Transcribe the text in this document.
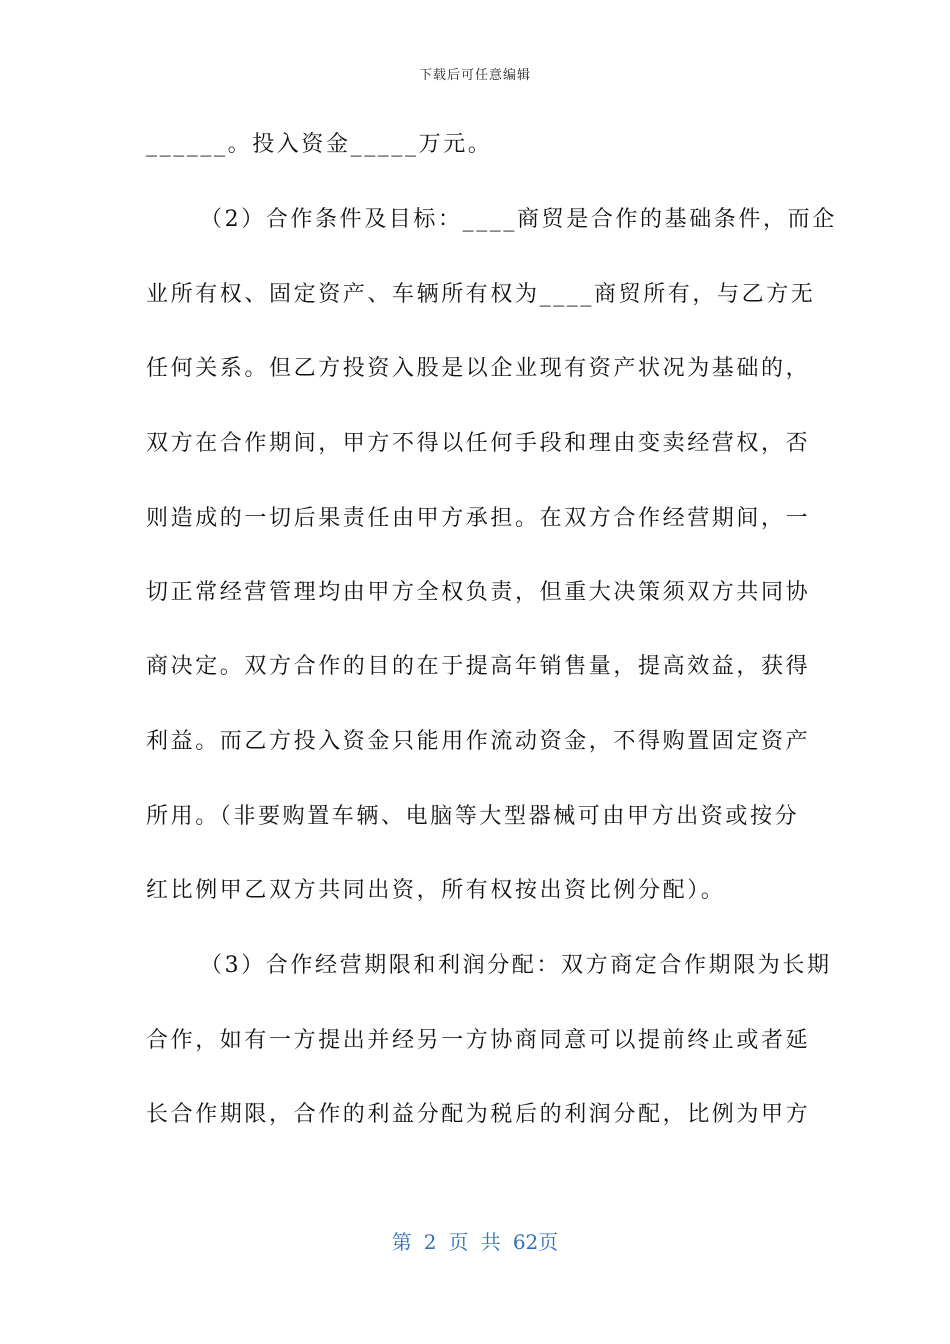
下载后可任意编辑
______。投入资金_____万元。
（2）合作条件及目标：____商贸是合作的基础条件，而企
业所有权、固定资产、车辆所有权为____商贸所有，与乙方无
任何关系。但乙方投资入股是以企业现有资产状况为基础的，
双方在合作期间，甲方不得以任何手段和理由变卖经营权，否
则造成的一切后果责任由甲方承担。在双方合作经营期间，一
切正常经营管理均由甲方全权负责，但重大决策须双方共同协
商决定。双方合作的目的在于提高年销售量，提高效益，获得
利益。而乙方投入资金只能用作流动资金，不得购置固定资产
所用。（非要购置车辆、电脑等大型器械可由甲方出资或按分
红比例甲乙双方共同出资，所有权按出资比例分配）。
（3）合作经营期限和利润分配：双方商定合作期限为长期
合作，如有一方提出并经另一方协商同意可以提前终止或者延
长合作期限，合作的利益分配为税后的利润分配，比例为甲方
第 2 页 共 62页
